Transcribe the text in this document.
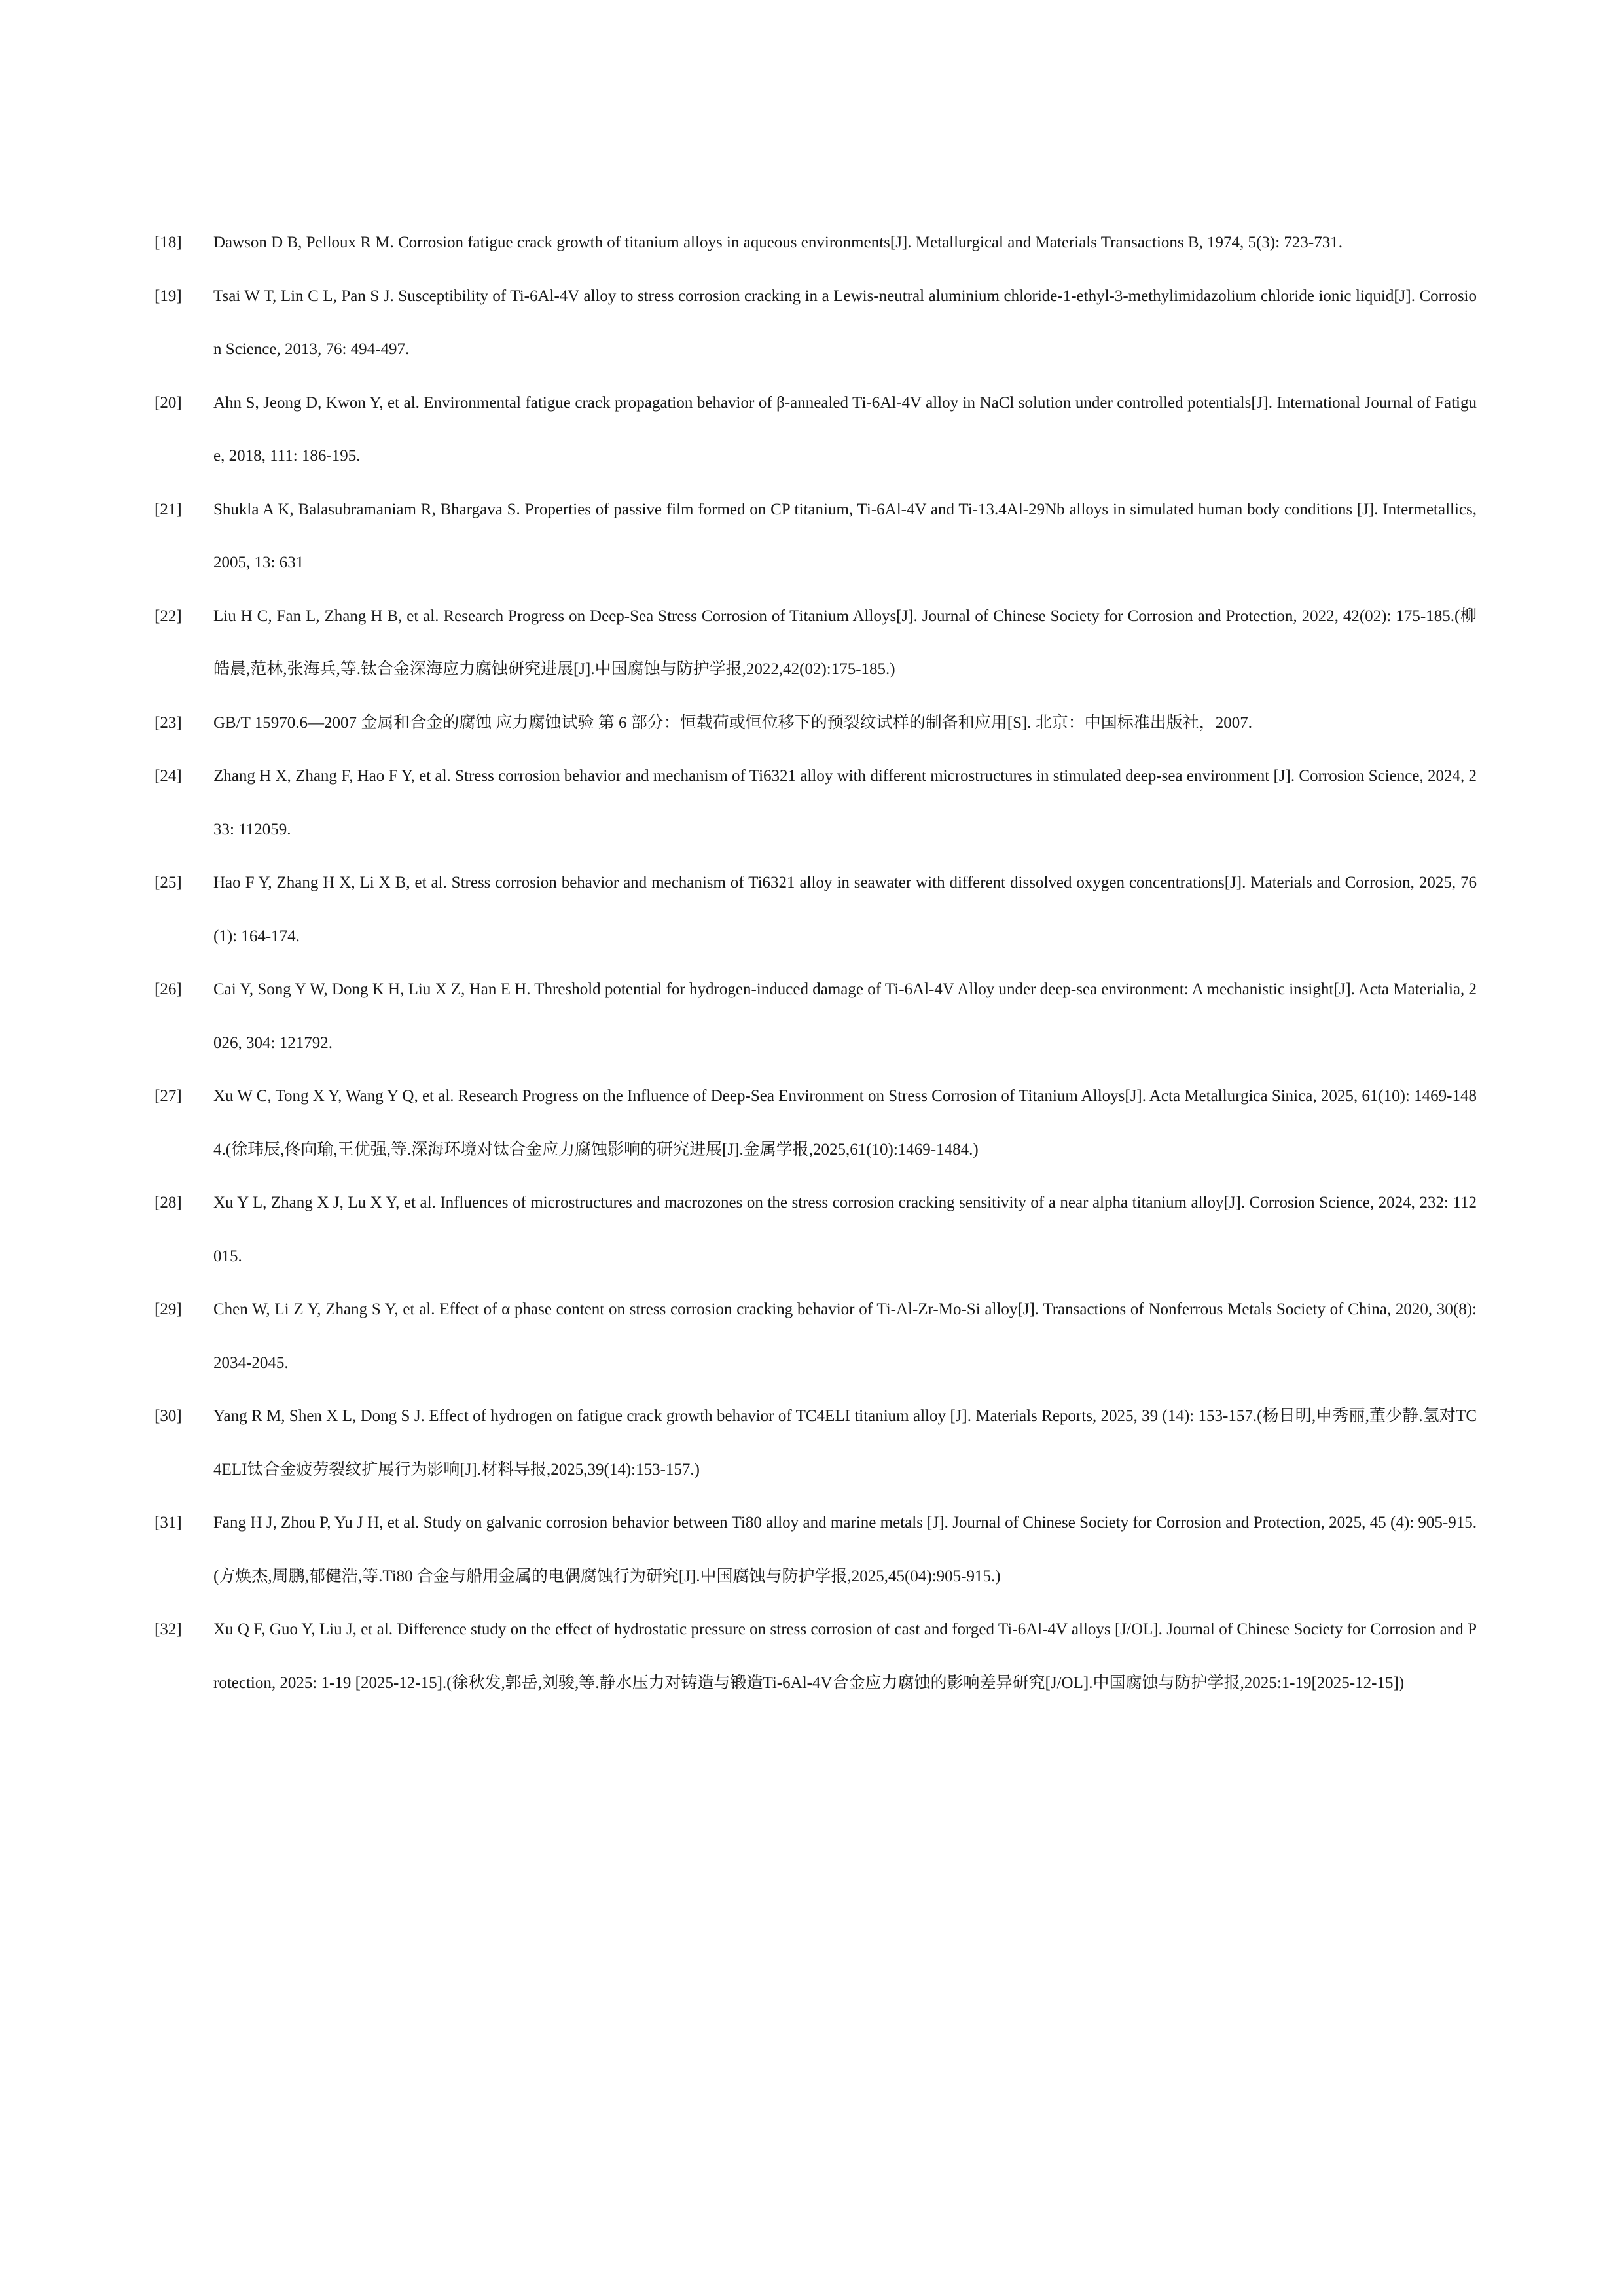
[18]	Dawson D B, Pelloux R M. Corrosion fatigue crack growth of titanium alloys in aqueous environments[J]. Metallurgical and Materials Transactions B, 1974, 5(3): 723-731.
[19]	Tsai W T, Lin C L, Pan S J. Susceptibility of Ti-6Al-4V alloy to stress corrosion cracking in a Lewis-neutral aluminium chloride-1-ethyl-3-methylimidazolium chloride ionic liquid[J]. Corrosion Science, 2013, 76: 494-497.
[20]	Ahn S, Jeong D, Kwon Y, et al. Environmental fatigue crack propagation behavior of β-annealed Ti-6Al-4V alloy in NaCl solution under controlled potentials[J]. International Journal of Fatigue, 2018, 111: 186-195.
[21]	Shukla A K, Balasubramaniam R, Bhargava S. Properties of passive film formed on CP titanium, Ti-6Al-4V and Ti-13.4Al-29Nb alloys in simulated human body conditions [J]. Intermetallics, 2005, 13: 631
[22]	Liu H C, Fan L, Zhang H B, et al. Research Progress on Deep-Sea Stress Corrosion of Titanium Alloys[J]. Journal of Chinese Society for Corrosion and Protection, 2022, 42(02): 175-185.(柳皓晨,范林,张海兵,等.钛合金深海应力腐蚀研究进展[J].中国腐蚀与防护学报,2022,42(02):175-185.)
[23]	GB/T 15970.6—2007 金属和合金的腐蚀 应力腐蚀试验 第 6 部分：恒载荷或恒位移下的预裂纹试样的制备和应用[S]. 北京：中国标准出版社，2007.
[24]	Zhang H X, Zhang F, Hao F Y, et al. Stress corrosion behavior and mechanism of Ti6321 alloy with different microstructures in stimulated deep-sea environment [J]. Corrosion Science, 2024, 233: 112059.
[25]	Hao F Y, Zhang H X, Li X B, et al. Stress corrosion behavior and mechanism of Ti6321 alloy in seawater with different dissolved oxygen concentrations[J]. Materials and Corrosion, 2025, 76(1): 164-174.
[26]	Cai Y, Song Y W, Dong K H, Liu X Z, Han E H. Threshold potential for hydrogen-induced damage of Ti-6Al-4V Alloy under deep-sea environment: A mechanistic insight[J]. Acta Materialia, 2026, 304: 121792.
[27]	Xu W C, Tong X Y, Wang Y Q, et al. Research Progress on the Influence of Deep-Sea Environment on Stress Corrosion of Titanium Alloys[J]. Acta Metallurgica Sinica, 2025, 61(10): 1469-1484.(徐玮辰,佟向瑜,王优强,等.深海环境对钛合金应力腐蚀影响的研究进展[J].金属学报,2025,61(10):1469-1484.)
[28]	Xu Y L, Zhang X J, Lu X Y, et al. Influences of microstructures and macrozones on the stress corrosion cracking sensitivity of a near alpha titanium alloy[J]. Corrosion Science, 2024, 232: 112015.
[29]	Chen W, Li Z Y, Zhang S Y, et al. Effect of α phase content on stress corrosion cracking behavior of Ti-Al-Zr-Mo-Si alloy[J]. Transactions of Nonferrous Metals Society of China, 2020, 30(8): 2034-2045.
[30]	Yang R M, Shen X L, Dong S J. Effect of hydrogen on fatigue crack growth behavior of TC4ELI titanium alloy [J]. Materials Reports, 2025, 39 (14): 153-157.(杨日明,申秀丽,董少静.氢对TC4ELI钛合金疲劳裂纹扩展行为影响[J].材料导报,2025,39(14):153-157.)
[31]	Fang H J, Zhou P, Yu J H, et al. Study on galvanic corrosion behavior between Ti80 alloy and marine metals [J]. Journal of Chinese Society for Corrosion and Protection, 2025, 45 (4): 905-915.(方焕杰,周鹏,郁健浩,等.Ti80 合金与船用金属的电偶腐蚀行为研究[J].中国腐蚀与防护学报,2025,45(04):905-915.)
[32]	Xu Q F, Guo Y, Liu J, et al. Difference study on the effect of hydrostatic pressure on stress corrosion of cast and forged Ti-6Al-4V alloys [J/OL]. Journal of Chinese Society for Corrosion and Protection, 2025: 1-19 [2025-12-15].(徐秋发,郭岳,刘骏,等.静水压力对铸造与锻造Ti-6Al-4V合金应力腐蚀的影响差异研究[J/OL].中国腐蚀与防护学报,2025:1-19[2025-12-15])
